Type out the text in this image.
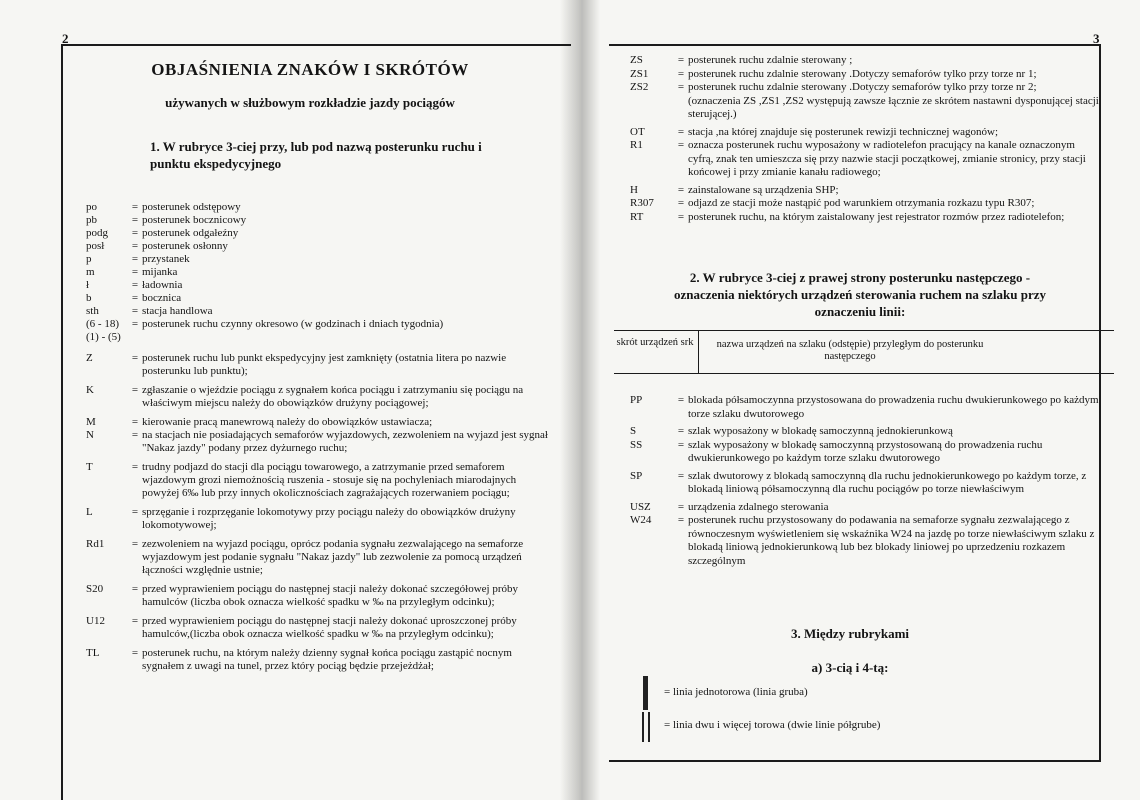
2
OBJAŚNIENIA ZNAKÓW I SKRÓTÓW
używanych w służbowym rozkładzie jazdy pociągów
1. W rubryce 3-ciej przy, lub pod nazwą posterunku ruchu i punktu ekspedycyjnego
po	= posterunek odstępowy
pb	= posterunek bocznicowy
podg	= posterunek odgałeźny
posł	= posterunek osłonny
p	= przystanek
m	= mijanka
ł	= ładownia
b	= bocznica
sth	= stacja handlowa
(6 - 18)	= posterunek ruchu czynny okresowo (w godzinach i dniach tygodnia)
(1) - (5)
Z	= posterunek ruchu lub punkt ekspedycyjny jest zamknięty (ostatnia litera po nazwie posterunku lub punktu);
K	= zgłaszanie o wjeździe pociągu z sygnałem końca pociągu i zatrzymaniu się pociągu na właściwym miejscu należy do obowiązków drużyny pociągowej;
M	= kierowanie pracą manewrową należy do obowiązków ustawiacza;
N	= na stacjach nie posiadających semaforów wyjazdowych, zezwoleniem na wyjazd jest sygnał "Nakaz jazdy" podany przez dyżurnego ruchu;
T	= trudny podjazd do stacji dla pociągu towarowego, a zatrzymanie przed semaforem wjazdowym grozi niemożnością ruszenia - stosuje się na pochyleniach miarodajnych powyżej 6‰ lub przy innych okolicznościach zagrażających rozerwaniem pociągu;
L	= sprzęganie i rozprzęganie lokomotywy przy pociągu należy do obowiązków drużyny lokomotywowej;
Rd1	= zezwoleniem na wyjazd pociągu, oprócz podania sygnału zezwalającego na semaforze wyjazdowym jest podanie sygnału "Nakaz jazdy" lub zezwolenie za pomocą urządzeń łączności względnie ustnie;
S20	= przed wyprawieniem pociągu do następnej stacji należy dokonać szczegółowej próby hamulców (liczba obok oznacza wielkość spadku w ‰ na przyległym odcinku);
U12	= przed wyprawieniem pociągu do następnej stacji należy dokonać uproszczonej próby hamulców,(liczba obok oznacza wielkość spadku w ‰ na przyległym odcinku);
TL	= posterunek ruchu, na którym należy dzienny sygnał końca pociągu zastąpić nocnym sygnałem z uwagi na tunel, przez który pociąg będzie przejeżdżał;
3
ZS	= posterunek ruchu zdalnie sterowany ;
ZS1	= posterunek ruchu zdalnie sterowany .Dotyczy semaforów tylko przy torze nr 1;
ZS2	= posterunek ruchu zdalnie sterowany .Dotyczy semaforów tylko przy torze nr 2;
(oznaczenia ZS ,ZS1 ,ZS2 występują zawsze łącznie ze skrótem nastawni dysponującej stacji sterującej.)
OT	= stacja ,na której znajduje się posterunek rewizji technicznej wagonów;
R1	= oznacza posterunek ruchu wyposażony w radiotelefon pracujący na kanale oznaczonym cyfrą, znak ten umieszcza się przy nazwie stacji początkowej, zmianie stronicy, przy stacji końcowej i przy zmianie kanału radiowego;
H	= zainstalowane są urządzenia SHP;
R307	= odjazd ze stacji może nastąpić pod warunkiem otrzymania rozkazu typu R307;
RT	= posterunek ruchu, na którym zaistalowany jest rejestrator rozmów przez radiotelefon;
2. W rubryce 3-ciej z prawej strony posterunku następczego - oznaczenia niektórych urządzeń sterowania ruchem na szlaku przy oznaczeniu linii:
skrót urządzeń srk	nazwa urządzeń na szlaku (odstępie) przyległym do posterunku następczego
PP	= blokada półsamoczynna przystosowana do prowadzenia ruchu dwukierunkowego po każdym torze szlaku dwutorowego
S	= szlak wyposażony w blokadę samoczynną jednokierunkową
SS	= szlak wyposażony w blokadę samoczynną przystosowaną do prowadzenia ruchu dwukierunkowego po każdym torze szlaku dwutorowego
SP	= szlak dwutorowy z blokadą samoczynną dla ruchu jednokierunkowego po każdym torze, z blokadą liniową półsamoczynną dla ruchu pociągów po torze niewłaściwym
USZ	= urządzenia zdalnego sterowania
W24	= posterunek ruchu przystosowany do podawania na semaforze sygnału zezwalającego z równoczesnym wyświetleniem się wskaźnika W24 na jazdę po torze niewłaściwym szlaku z blokadą liniową jednokierunkową lub bez blokady liniowej po uprzedzeniu rozkazem szczególnym
3. Między rubrykami
a) 3-cią i 4-tą:
= linia jednotorowa (linia gruba)
= linia dwu i więcej torowa (dwie linie półgrube)
